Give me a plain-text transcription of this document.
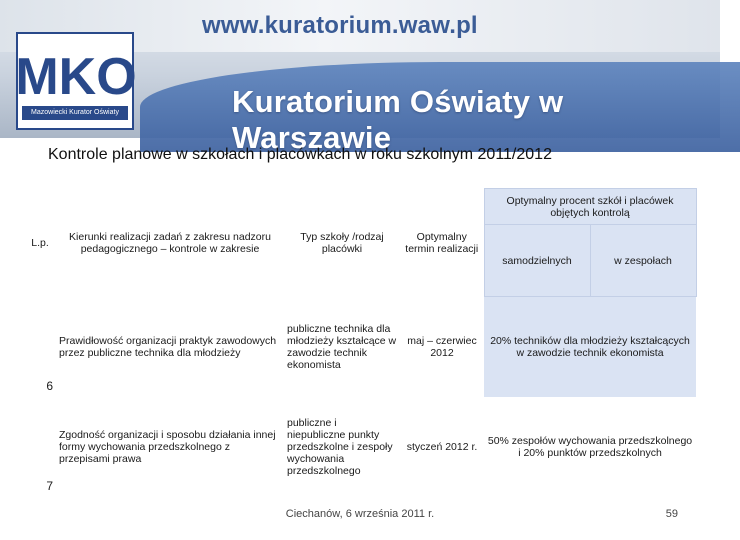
www.kuratorium.waw.pl
Kuratorium Oświaty w Warszawie
MKO
Mazowiecki Kurator Oświaty
Kontrole planowe w szkołach i placówkach w roku szkolnym 2011/2012
L.p.	Kierunki realizacji zadań z zakresu nadzoru pedagogicznego – kontrole w zakresie	Typ szkoły /rodzaj placówki	Optymalny termin realizacji	Optymalny procent szkół i placówek objętych kontrolą	
				samodzielnych	w zespołach
6	Prawidłowość organizacji praktyk zawodowych przez publiczne technika dla młodzieży	publiczne technika dla młodzieży kształcące w zawodzie technik ekonomista	maj – czerwiec 2012	20% techników dla młodzieży kształcących w zawodzie technik ekonomista	
7	Zgodność organizacji i sposobu działania innej formy wychowania przedszkolnego z przepisami prawa	publiczne i niepubliczne punkty przedszkolne i zespoły wychowania przedszkolnego	styczeń 2012 r.	50% zespołów wychowania przedszkolnego i 20% punktów przedszkolnych	
Ciechanów, 6 września 2011 r.	59
